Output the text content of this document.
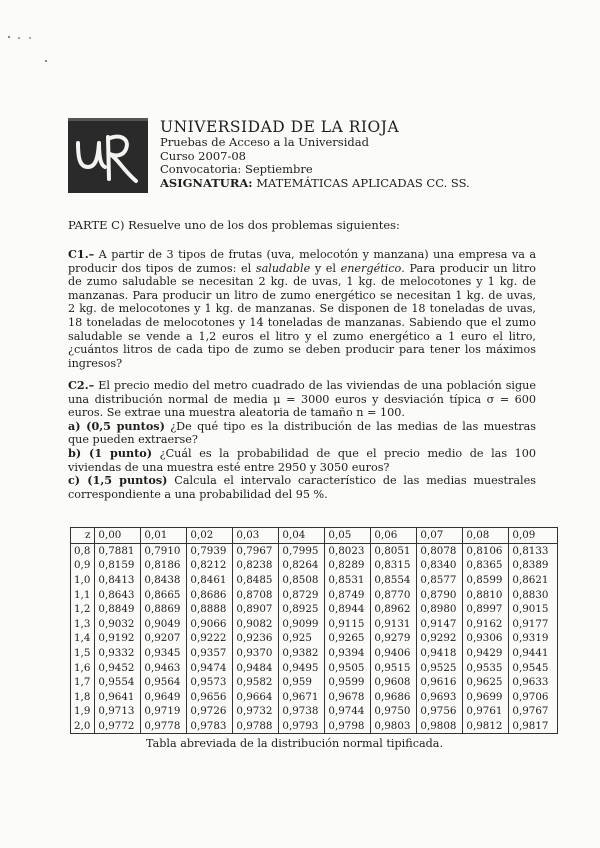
UNIVERSIDAD DE LA RIOJA
Pruebas de Acceso a la Universidad
Curso 2007-08
Convocatoria: Septiembre
ASIGNATURA: MATEMÁTICAS APLICADAS CC. SS.
PARTE C) Resuelve uno de los dos problemas siguientes:
C1.– A partir de 3 tipos de frutas (uva, melocotón y manzana) una empresa va a producir dos tipos de zumos: el saludable y el energético. Para producir un litro de zumo saludable se necesitan 2 kg. de uvas, 1 kg. de melocotones y 1 kg. de manzanas. Para producir un litro de zumo energético se necesitan 1 kg. de uvas, 2 kg. de melocotones y 1 kg. de manzanas. Se disponen de 18 toneladas de uvas, 18 toneladas de melocotones y 14 toneladas de manzanas. Sabiendo que el zumo saludable se vende a 1,2 euros el litro y el zumo energético a 1 euro el litro, ¿cuántos litros de cada tipo de zumo se deben producir para tener los máximos ingresos?

C2.– El precio medio del metro cuadrado de las viviendas de una población sigue una distribución normal de media μ = 3000 euros y desviación típica σ = 600 euros. Se extrae una muestra aleatoria de tamaño n = 100.

a) (0,5 puntos) ¿De qué tipo es la distribución de las medias de las muestras que pueden extraerse?

b) (1 punto) ¿Cuál es la probabilidad de que el precio medio de las 100 viviendas de una muestra esté entre 2950 y 3050 euros?

c) (1,5 puntos) Calcula el intervalo característico de las medias muestrales correspondiente a una probabilidad del 95 %.

z	0,00	0,01	0,02	0,03	0,04	0,05	0,06	0,07	0,08	0,09
0,8	0,7881	0,7910	0,7939	0,7967	0,7995	0,8023	0,8051	0,8078	0,8106	0,8133
0,9	0,8159	0,8186	0,8212	0,8238	0,8264	0,8289	0,8315	0,8340	0,8365	0,8389
1,0	0,8413	0,8438	0,8461	0,8485	0,8508	0,8531	0,8554	0,8577	0,8599	0,8621
1,1	0,8643	0,8665	0,8686	0,8708	0,8729	0,8749	0,8770	0,8790	0,8810	0,8830
1,2	0,8849	0,8869	0,8888	0,8907	0,8925	0,8944	0,8962	0,8980	0,8997	0,9015
1,3	0,9032	0,9049	0,9066	0,9082	0,9099	0,9115	0,9131	0,9147	0,9162	0,9177
1,4	0,9192	0,9207	0,9222	0,9236	0,925	0,9265	0,9279	0,9292	0,9306	0,9319
1,5	0,9332	0,9345	0,9357	0,9370	0,9382	0,9394	0,9406	0,9418	0,9429	0,9441
1,6	0,9452	0,9463	0,9474	0,9484	0,9495	0,9505	0,9515	0,9525	0,9535	0,9545
1,7	0,9554	0,9564	0,9573	0,9582	0,959	0,9599	0,9608	0,9616	0,9625	0,9633
1,8	0,9641	0,9649	0,9656	0,9664	0,9671	0,9678	0,9686	0,9693	0,9699	0,9706
1,9	0,9713	0,9719	0,9726	0,9732	0,9738	0,9744	0,9750	0,9756	0,9761	0,9767
2,0	0,9772	0,9778	0,9783	0,9788	0,9793	0,9798	0,9803	0,9808	0,9812	0,9817
Tabla abreviada de la distribución normal tipificada.
